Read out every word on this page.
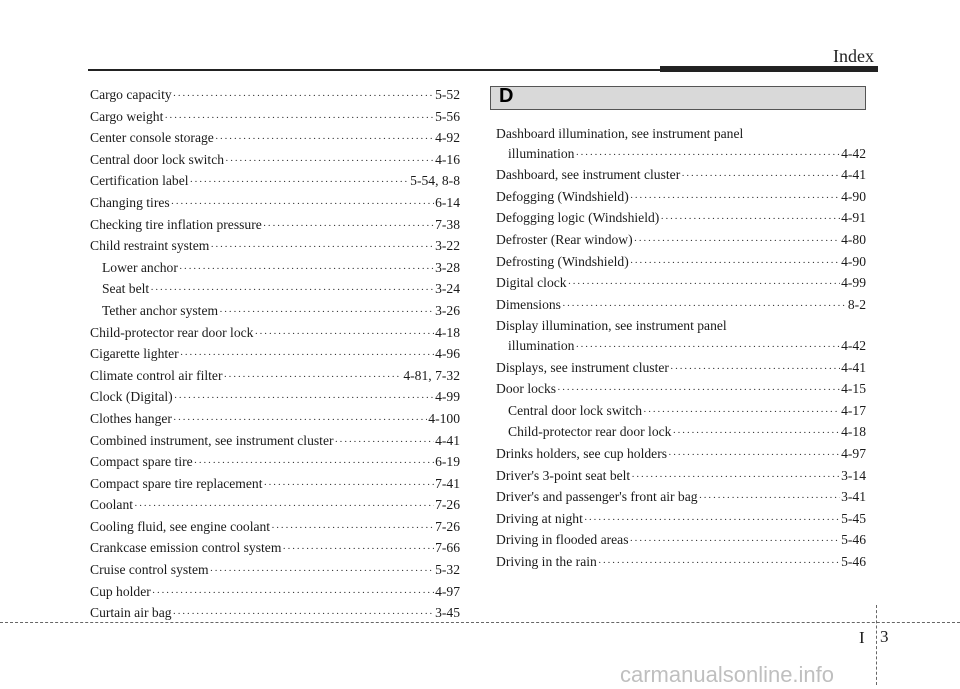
Index
Cargo capacity ·····	5-52
Cargo weight ·····	5-56
Center console storage ·····	4-92
Central door lock switch ·····	4-16
Certification label ·····	5-54, 8-8
Changing tires ·····	6-14
Checking tire inflation pressure ·····	7-38
Child restraint system ·····	3-22
Lower anchor ·····	3-28
Seat belt ·····	3-24
Tether anchor system ·····	3-26
Child-protector rear door lock ·····	4-18
Cigarette lighter ·····	4-96
Climate control air filter ·····	4-81, 7-32
Clock (Digital) ·····	4-99
Clothes hanger ·····	4-100
Combined instrument, see instrument cluster ·····	4-41
Compact spare tire ·····	6-19
Compact spare tire replacement ·····	7-41
Coolant ·····	7-26
Cooling fluid, see engine coolant ·····	7-26
Crankcase emission control system ·····	7-66
Cruise control system ·····	5-32
Cup holder ·····	4-97
Curtain air bag ·····	3-45
D
Dashboard illumination, see instrument panel
illumination ·····	4-42
Dashboard, see instrument cluster ·····	4-41
Defogging (Windshield) ·····	4-90
Defogging logic (Windshield) ·····	4-91
Defroster (Rear window) ·····	4-80
Defrosting (Windshield) ·····	4-90
Digital clock ·····	4-99
Dimensions ·····	8-2
Display illumination, see instrument panel
illumination ·····	4-42
Displays, see instrument cluster ·····	4-41
Door locks ·····	4-15
Central door lock switch ·····	4-17
Child-protector rear door lock ·····	4-18
Drinks holders, see cup holders ·····	4-97
Driver's 3-point seat belt ·····	3-14
Driver's and passenger's front air bag ·····	3-41
Driving at night ·····	5-45
Driving in flooded areas ·····	5-46
Driving in the rain ·····	5-46
I 3
carmanualsonline.info
